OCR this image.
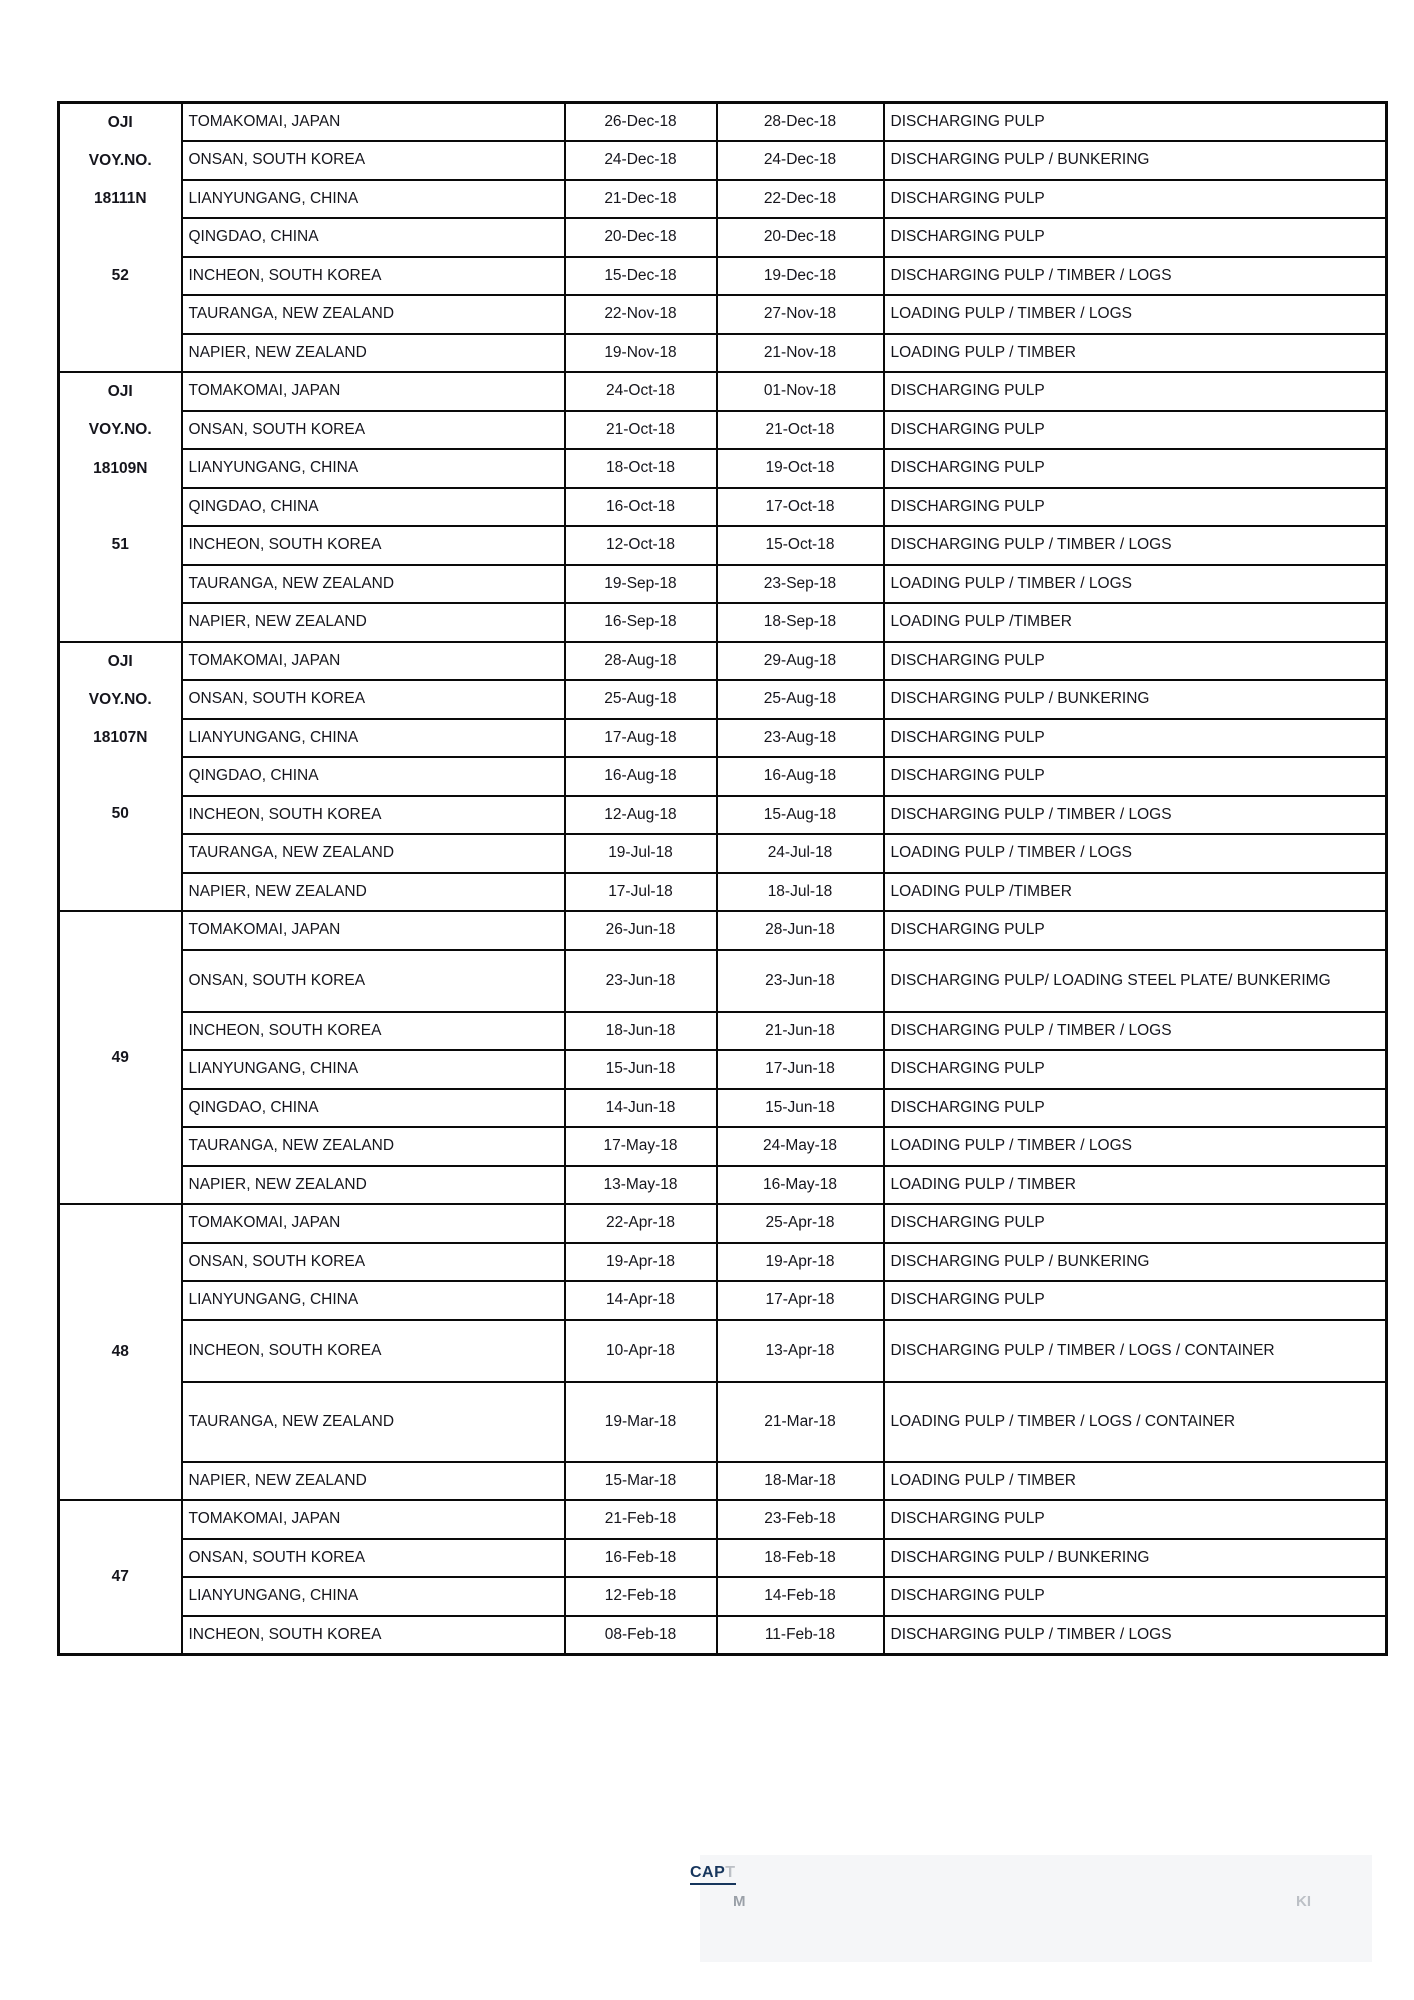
OJI
VOY.NO.
18111N
52	TOMAKOMAI, JAPAN	26-Dec-18	28-Dec-18	DISCHARGING PULP
	ONSAN, SOUTH KOREA	24-Dec-18	24-Dec-18	DISCHARGING PULP / BUNKERING
	LIANYUNGANG, CHINA	21-Dec-18	22-Dec-18	DISCHARGING PULP
	QINGDAO, CHINA	20-Dec-18	20-Dec-18	DISCHARGING PULP
	INCHEON, SOUTH KOREA	15-Dec-18	19-Dec-18	DISCHARGING PULP / TIMBER / LOGS
	TAURANGA, NEW ZEALAND	22-Nov-18	27-Nov-18	LOADING PULP / TIMBER / LOGS
	NAPIER, NEW ZEALAND	19-Nov-18	21-Nov-18	LOADING PULP / TIMBER

OJI
VOY.NO.
18109N
51	TOMAKOMAI, JAPAN	24-Oct-18	01-Nov-18	DISCHARGING PULP
	ONSAN, SOUTH KOREA	21-Oct-18	21-Oct-18	DISCHARGING PULP
	LIANYUNGANG, CHINA	18-Oct-18	19-Oct-18	DISCHARGING PULP
	QINGDAO, CHINA	16-Oct-18	17-Oct-18	DISCHARGING PULP
	INCHEON, SOUTH KOREA	12-Oct-18	15-Oct-18	DISCHARGING PULP / TIMBER / LOGS
	TAURANGA, NEW ZEALAND	19-Sep-18	23-Sep-18	LOADING PULP / TIMBER / LOGS
	NAPIER, NEW ZEALAND	16-Sep-18	18-Sep-18	LOADING PULP /TIMBER

OJI
VOY.NO.
18107N
50	TOMAKOMAI, JAPAN	28-Aug-18	29-Aug-18	DISCHARGING PULP
	ONSAN, SOUTH KOREA	25-Aug-18	25-Aug-18	DISCHARGING PULP / BUNKERING
	LIANYUNGANG, CHINA	17-Aug-18	23-Aug-18	DISCHARGING PULP
	QINGDAO, CHINA	16-Aug-18	16-Aug-18	DISCHARGING PULP
	INCHEON, SOUTH KOREA	12-Aug-18	15-Aug-18	DISCHARGING PULP / TIMBER / LOGS
	TAURANGA, NEW ZEALAND	19-Jul-18	24-Jul-18	LOADING PULP / TIMBER / LOGS
	NAPIER, NEW ZEALAND	17-Jul-18	18-Jul-18	LOADING PULP /TIMBER
49	TOMAKOMAI, JAPAN	26-Jun-18	28-Jun-18	DISCHARGING PULP
	ONSAN, SOUTH KOREA	23-Jun-18	23-Jun-18	DISCHARGING PULP/ LOADING STEEL PLATE/ BUNKERIMG
	INCHEON, SOUTH KOREA	18-Jun-18	21-Jun-18	DISCHARGING PULP / TIMBER / LOGS
	LIANYUNGANG, CHINA	15-Jun-18	17-Jun-18	DISCHARGING PULP
	QINGDAO, CHINA	14-Jun-18	15-Jun-18	DISCHARGING PULP
	TAURANGA, NEW ZEALAND	17-May-18	24-May-18	LOADING PULP / TIMBER / LOGS
	NAPIER, NEW ZEALAND	13-May-18	16-May-18	LOADING PULP / TIMBER
48	TOMAKOMAI, JAPAN	22-Apr-18	25-Apr-18	DISCHARGING PULP
	ONSAN, SOUTH KOREA	19-Apr-18	19-Apr-18	DISCHARGING PULP / BUNKERING
	LIANYUNGANG, CHINA	14-Apr-18	17-Apr-18	DISCHARGING PULP
	INCHEON, SOUTH KOREA	10-Apr-18	13-Apr-18	DISCHARGING PULP / TIMBER / LOGS / CONTAINER
	TAURANGA, NEW ZEALAND	19-Mar-18	21-Mar-18	LOADING PULP / TIMBER / LOGS / CONTAINER
	NAPIER, NEW ZEALAND	15-Mar-18	18-Mar-18	LOADING PULP / TIMBER
47	TOMAKOMAI, JAPAN	21-Feb-18	23-Feb-18	DISCHARGING PULP
	ONSAN, SOUTH KOREA	16-Feb-18	18-Feb-18	DISCHARGING PULP / BUNKERING
	LIANYUNGANG, CHINA	12-Feb-18	14-Feb-18	DISCHARGING PULP
	INCHEON, SOUTH KOREA	08-Feb-18	11-Feb-18	DISCHARGING PULP / TIMBER / LOGS
CAPT
M	KI
